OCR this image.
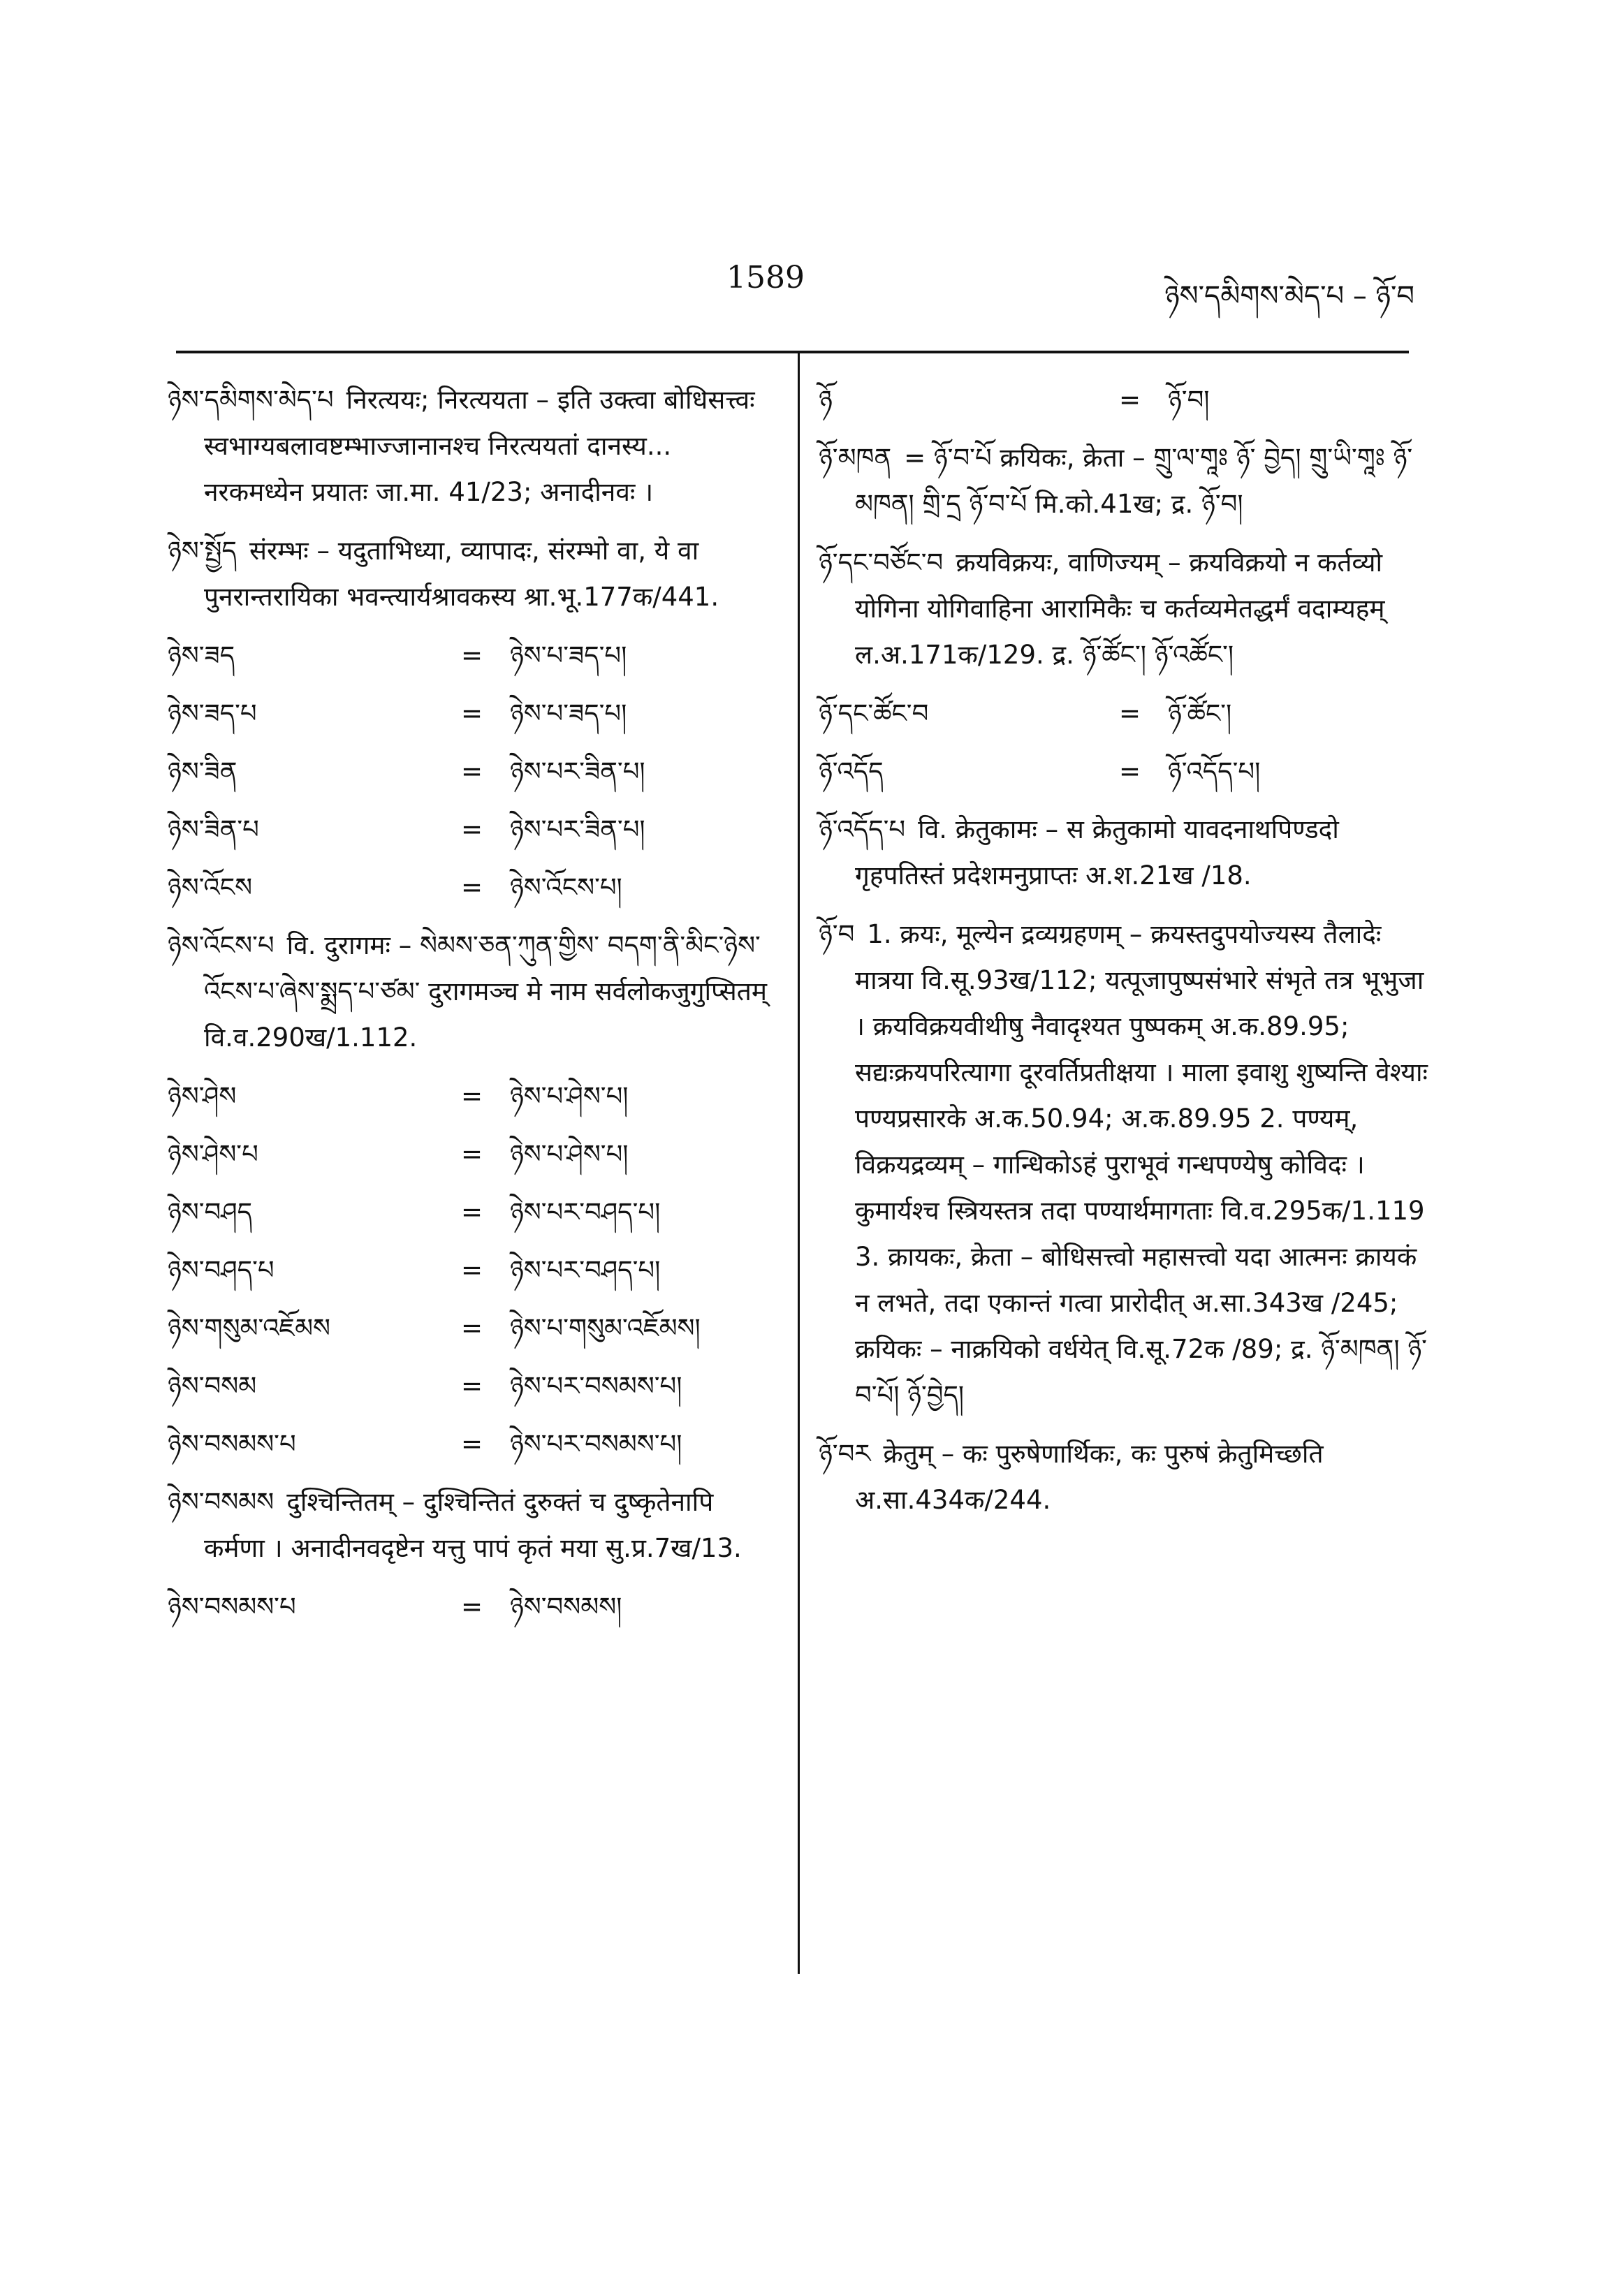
1589
ཉེས་དམིགས་མེད་པ – ཉོ་བ
ཉེས་དམིགས་མེད་པ निरत्ययः; निरत्ययता – इति उक्त्वा बोधिसत्त्वः स्वभाग्यबलावष्टम्भाज्जानानश्च निरत्ययतां दानस्य... नरकमध्येन प्रयातः जा.मा. 41/23; अनादीनवः ।
ཉེས་སྤྱོད संरम्भः – यदुताभिध्या, व्यापादः, संरम्भो वा, ये वा पुनरान्तरायिका भवन्त्यार्यश्रावकस्य श्रा.भू.177क/441.
ཉེས་ཟད	=	ཉེས་པ་ཟད་པ།
ཉེས་ཟད་པ	=	ཉེས་པ་ཟད་པ།
ཉེས་ཟིན	=	ཉེས་པར་ཟིན་པ།
ཉེས་ཟིན་པ	=	ཉེས་པར་ཟིན་པ།
ཉེས་འོངས	=	ཉེས་འོངས་པ།
ཉེས་འོངས་པ वि. दुरागमः – སེམས་ཅན་ཀུན་གྱིས་ བདག་ནི་མིང་ཉེས་འོངས་པ་ཞེས་སྨྲད་པ་ཙམ་ दुरागमञ्च मे नाम सर्वलोकजुगुप्सितम् वि.व.290ख/1.112.
ཉེས་ཤེས	=	ཉེས་པ་ཤེས་པ།
ཉེས་ཤེས་པ	=	ཉེས་པ་ཤེས་པ།
ཉེས་བཤད	=	ཉེས་པར་བཤད་པ།
ཉེས་བཤད་པ	=	ཉེས་པར་བཤད་པ།
ཉེས་གསུམ་འཇོམས	=	ཉེས་པ་གསུམ་འཇོམས།
ཉེས་བསམ	=	ཉེས་པར་བསམས་པ།
ཉེས་བསམས་པ	=	ཉེས་པར་བསམས་པ།
ཉེས་བསམས दुश्चिन्तितम् – दुश्चिन्तितं दुरुक्तं च दुष्कृतेनापि कर्मणा । अनादीनवदृष्टेन यत्तु पापं कृतं मया सु.प्र.7ख/13.
ཉེས་བསམས་པ	=	ཉེས་བསམས།
ཉོ	=	ཉོ་བ།
ཉོ་མཁན = ཉོ་བ་པོ क्रयिकः, क्रेता – གྲུ་ལ་གཱཿ ཉོ་ བྱེད། གྲུ་ཡི་གཱཿ ཉོ་མཁན། གྲི་དྲ ཉོ་བ་པོ मि.को.41ख; द्र. ཉོ་བ།
ཉོ་དང་བཙོང་བ क्रयविक्रयः, वाणिज्यम् – क्रयविक्रयो न कर्तव्यो योगिना योगिवाहिना आरामिकैः च कर्तव्यमेतद्धर्मं वदाम्यहम् ल.अ.171क/129. द्र. ཉོ་ཚོང་། ཉོ་འཚོང་།
ཉོ་དང་ཚོང་བ	=	ཉོ་ཚོང་།
ཉོ་འདོད	=	ཉོ་འདོད་པ།
ཉོ་འདོད་པ वि. क्रेतुकामः – स क्रेतुकामो यावदनाथपिण्डदो गृहपतिस्तं प्रदेशमनुप्राप्तः अ.श.21ख /18.
ཉོ་བ 1. क्रयः, मूल्येन द्रव्यग्रहणम् – क्रयस्तदुपयोज्यस्य तैलादेः मात्रया वि.सू.93ख/112; यत्पूजापुष्पसंभारे संभृते तत्र भूभुजा । क्रयविक्रयवीथीषु नैवादृश्यत पुष्पकम् अ.क.89.95; सद्यःक्रयपरित्यागा दूरवर्तिप्रतीक्षया । माला इवाशु शुष्यन्ति वेश्याः पण्यप्रसारके अ.क.50.94; अ.क.89.95 2. पण्यम्, विक्रयद्रव्यम् – गान्धिकोऽहं पुराभूवं गन्धपण्येषु कोविदः । कुमार्यश्च स्त्रियस्तत्र तदा पण्यार्थमागताः वि.व.295क/1.119 3. क्रायकः, क्रेता – बोधिसत्त्वो महासत्त्वो यदा आत्मनः क्रायकं न लभते, तदा एकान्तं गत्वा प्रारोदीत् अ.सा.343ख /245; क्रयिकः – नाक्रयिको वर्धयेत् वि.सू.72क /89; द्र. ཉོ་མཁན། ཉོ་བ་པོ། ཉོ་བྱེད།
ཉོ་བར क्रेतुम् – कः पुरुषेणार्थिकः, कः पुरुषं क्रेतुमिच्छति अ.सा.434क/244.
